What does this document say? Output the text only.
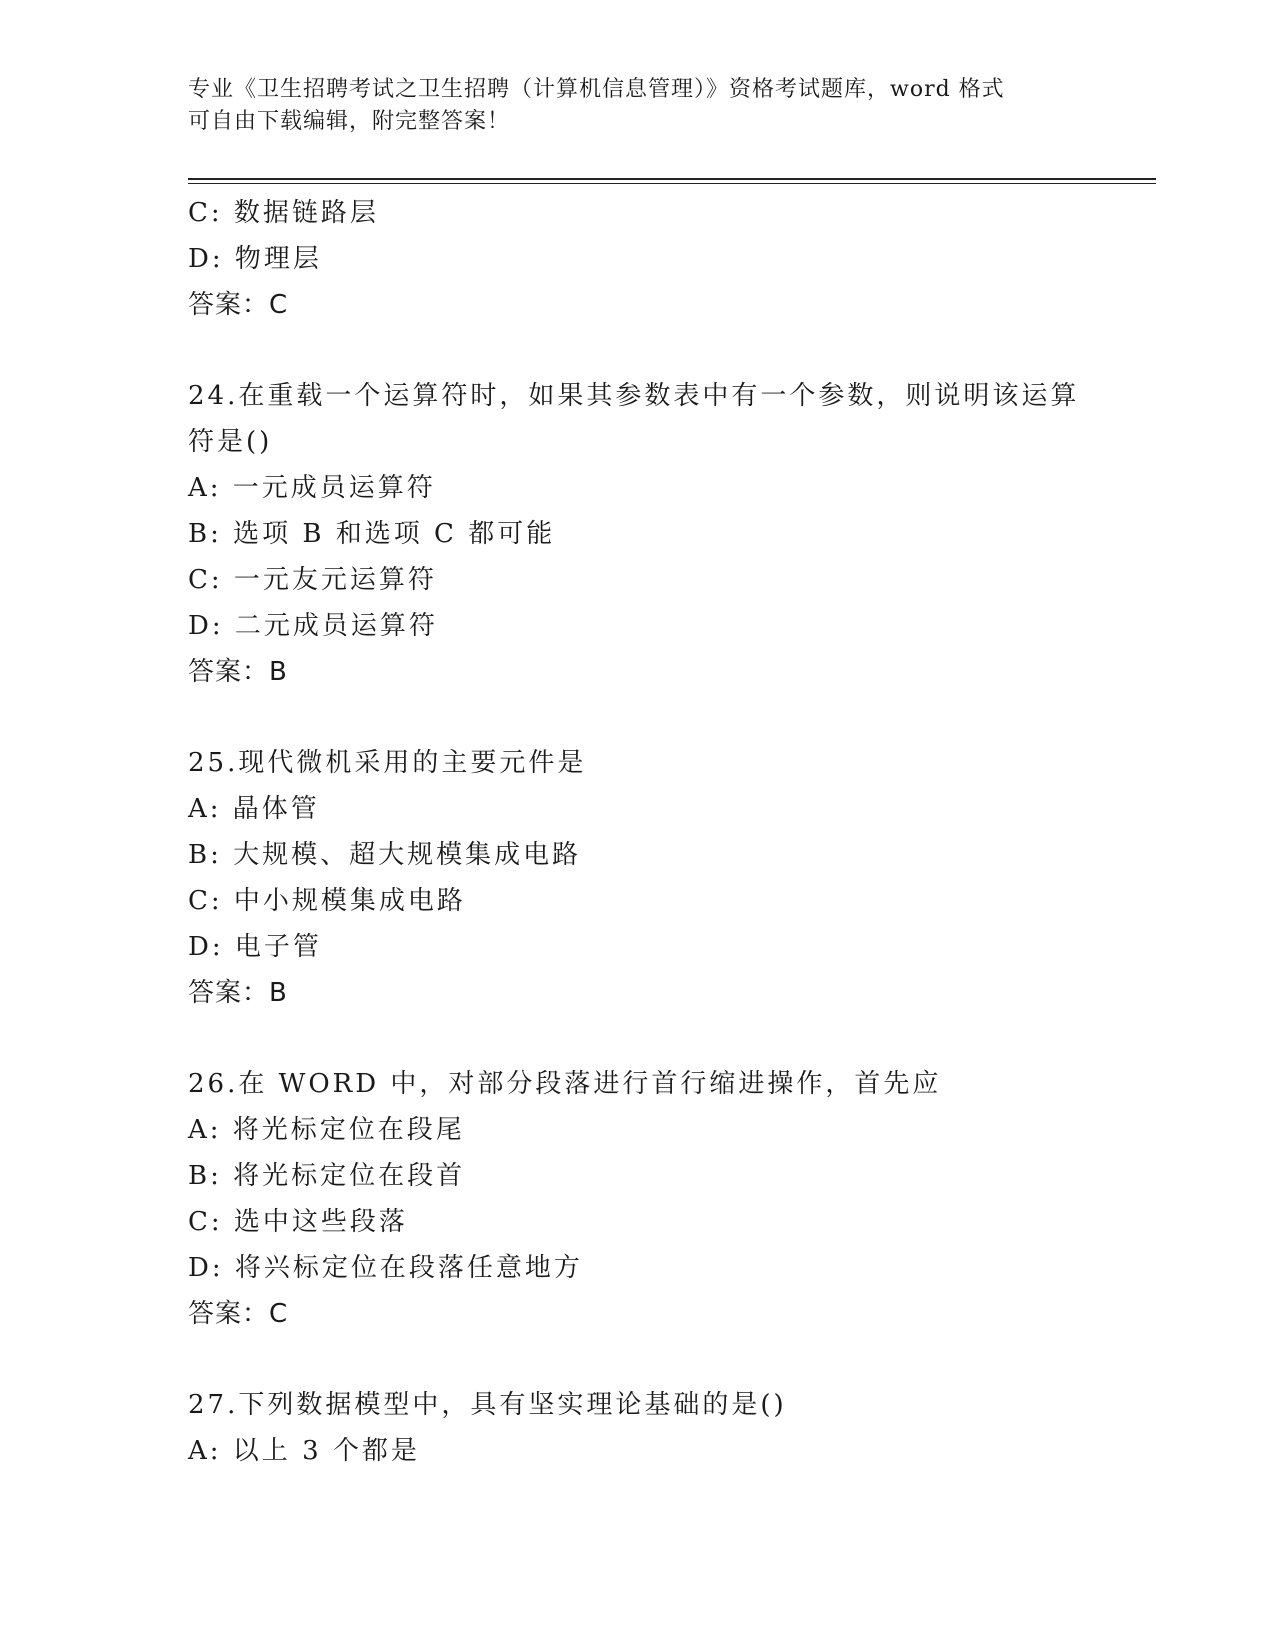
专业《卫生招聘考试之卫生招聘（计算机信息管理）》资格考试题库，word 格式
可自由下载编辑，附完整答案！
C: 数据链路层
D: 物理层
答案：C
24.在重载一个运算符时，如果其参数表中有一个参数，则说明该运算
符是()
A: 一元成员运算符
B: 选项 B 和选项 C 都可能
C: 一元友元运算符
D: 二元成员运算符
答案：B
25.现代微机采用的主要元件是
A: 晶体管
B: 大规模、超大规模集成电路
C: 中小规模集成电路
D: 电子管
答案：B
26.在 WORD 中，对部分段落进行首行缩进操作，首先应
A: 将光标定位在段尾
B: 将光标定位在段首
C: 选中这些段落
D: 将兴标定位在段落任意地方
答案：C
27.下列数据模型中，具有坚实理论基础的是()
A: 以上 3 个都是
